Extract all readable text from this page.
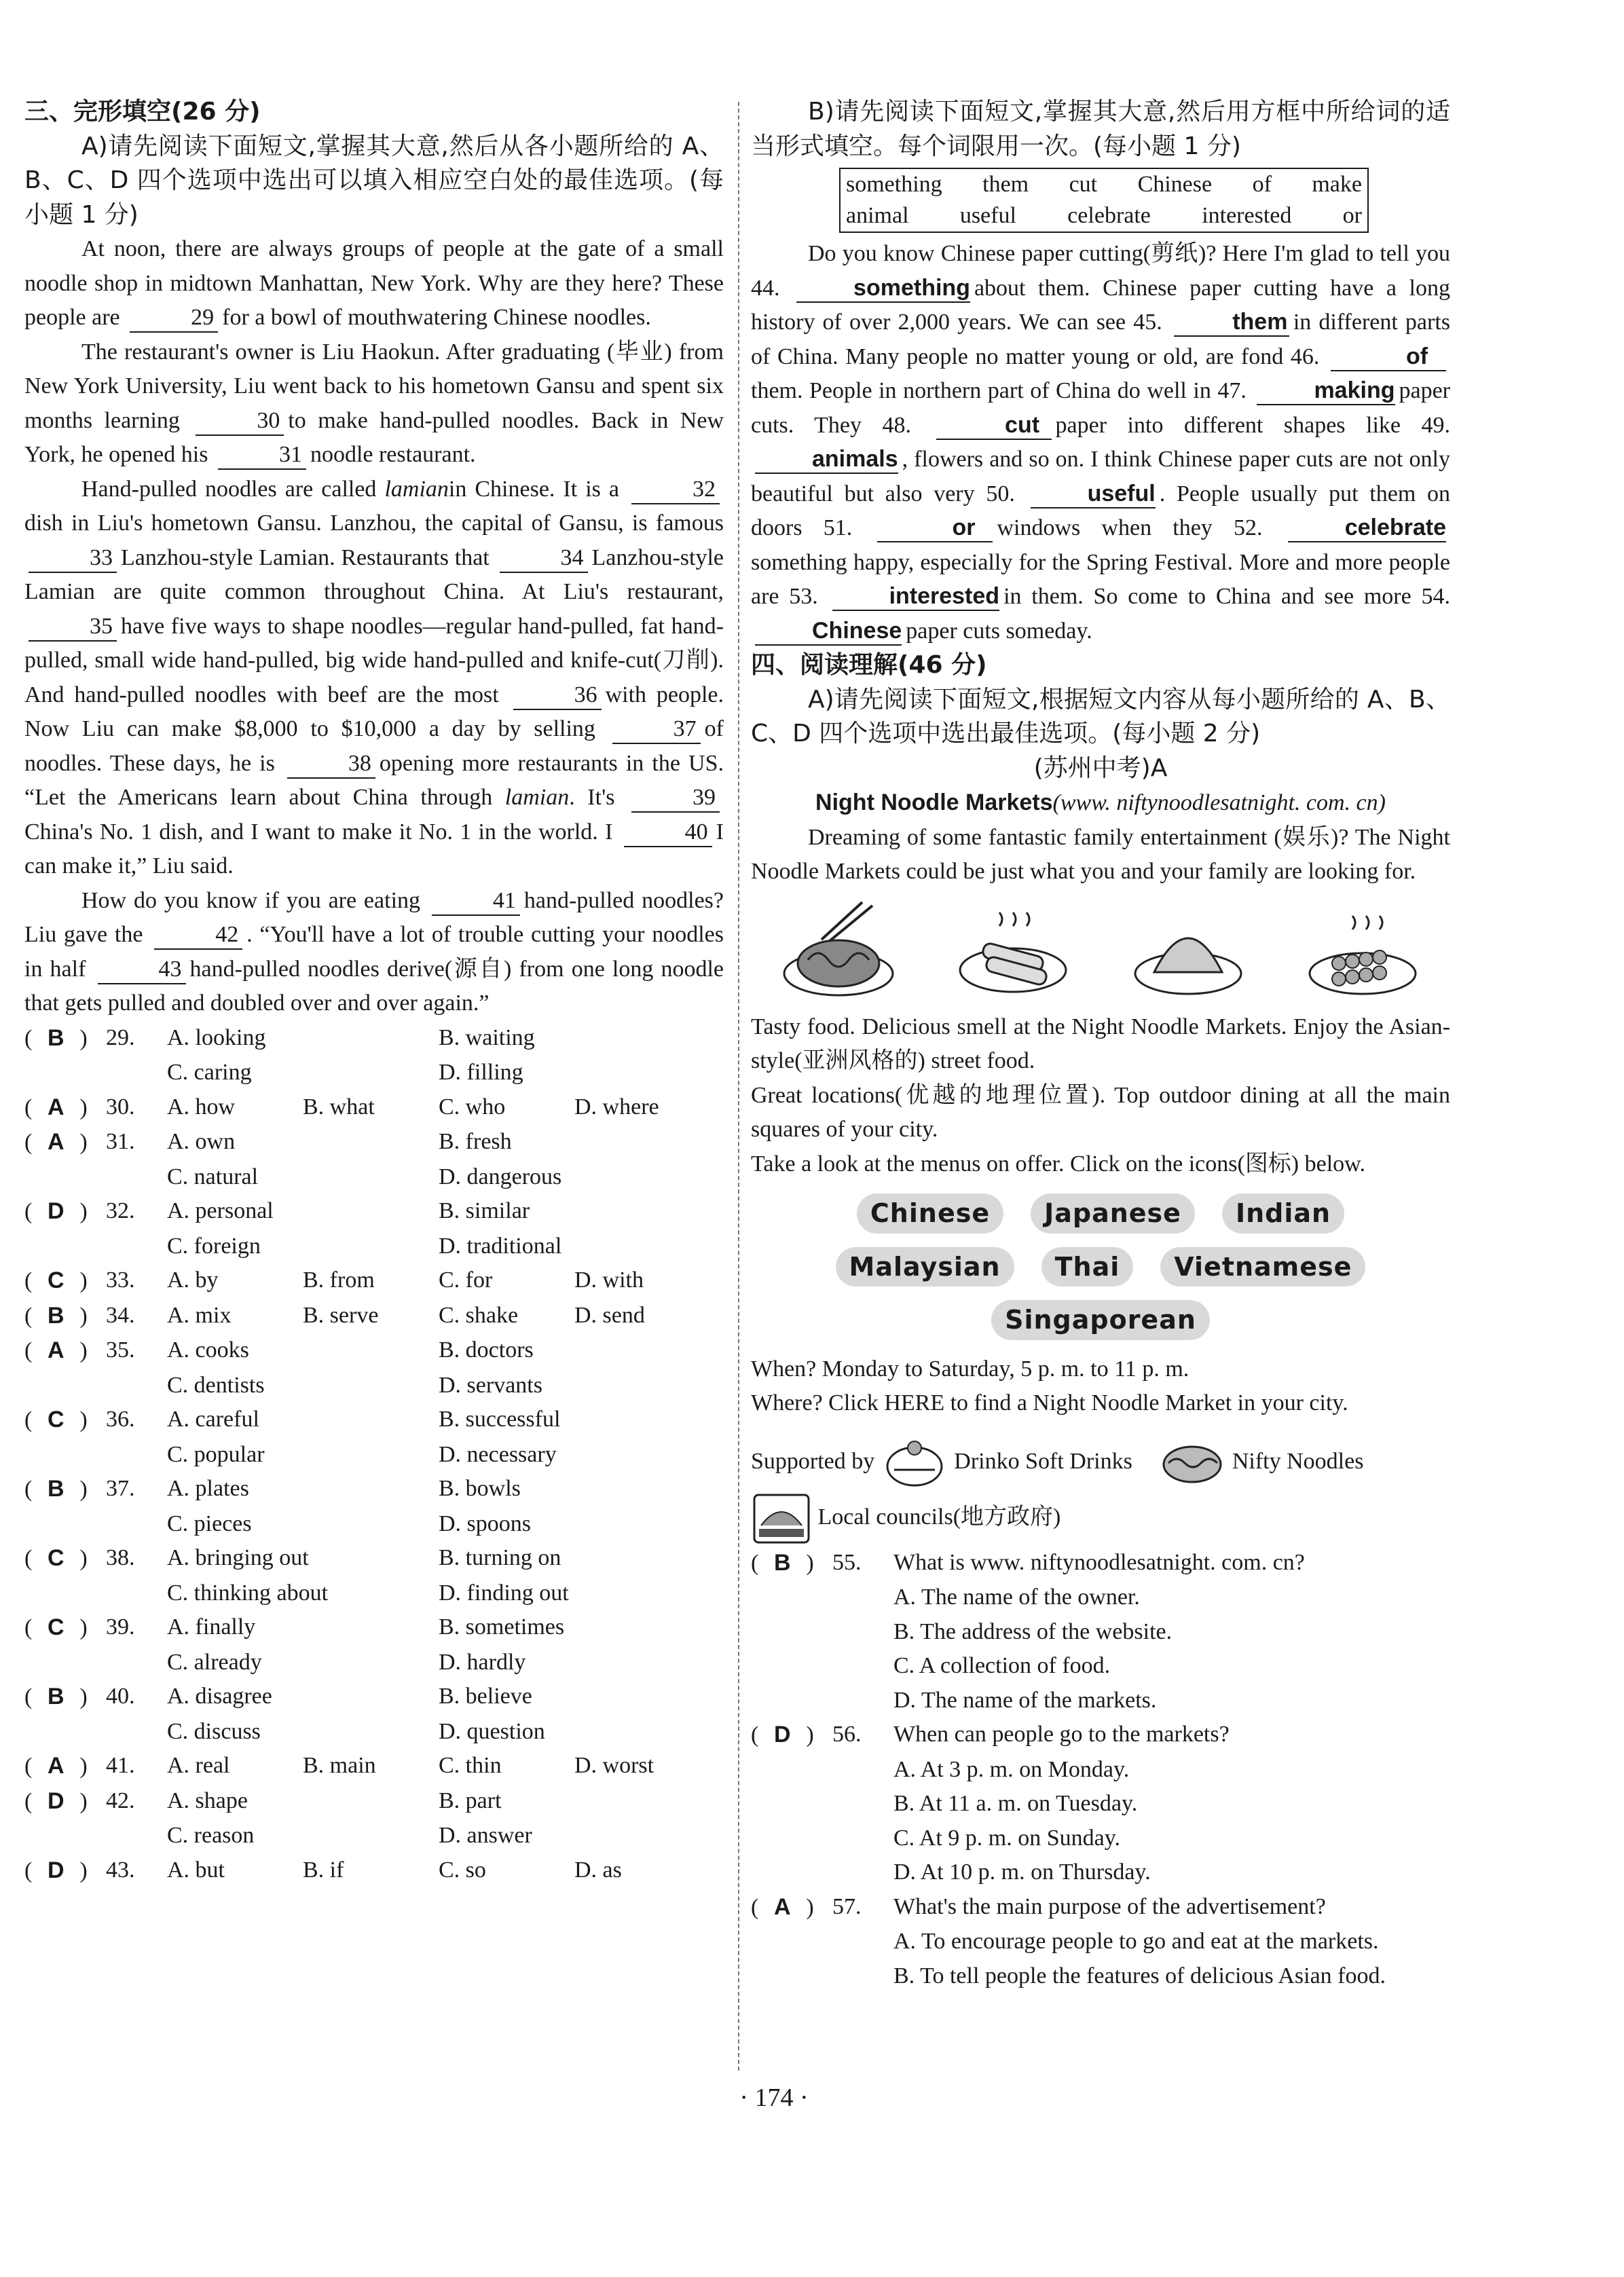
三、完形填空(26 分)

A)请先阅读下面短文,掌握其大意,然后从各小题所给的 A、B、C、D 四个选项中选出可以填入相应空白处的最佳选项。(每小题 1 分)

At noon, there are always groups of people at the gate of a small noodle shop in midtown Manhattan, New York. Why are they here? These people are	29 for a bowl of mouthwatering Chinese noodles.

The restaurant's owner is Liu Haokun. After graduating (毕业) from New York University, Liu went back to his hometown Gansu and spent six months learning	30 to make hand-pulled noodles. Back in New York, he opened his	31 noodle restaurant.

Hand-pulled noodles are called lamianin Chinese. It is a	32dish in Liu's hometown Gansu. Lanzhou, the capital of Gansu, is famous 33 Lanzhou-style Lamian. Restaurants that	34 Lanzhou-style Lamian are quite common throughout China. At Liu's restaurant, 35 have five ways to shape noodles—regular hand-pulled, fat hand-pulled, small wide hand-pulled, big wide hand-pulled and knife-cut(刀削). And hand-pulled noodles with beef are the most	36 with people. Now Liu can make $8,000 to $10,000 a day by selling	37 of noodles. These days, he is	38 opening more restaurants in the US. “Let the Americans learn about China through lamian. It's	39China's No. 1 dish, and I want to make it No. 1 in the world. I	40 I can make it,” Liu said.

How do you know if you are eating	41 hand-pulled noodles? Liu gave the	42 . “You'll have a lot of trouble cutting your noodles in half	43 hand-pulled noodles derive(源自) from one long noodle that gets pulled and doubled over and over again.”

( B ) 29.	A. looking	B. waiting
C. caring	D. filling
( A ) 30.	A. how	B. what	C. who	D. where
( A ) 31.	A. own	B. fresh
C. natural	D. dangerous
( D ) 32.	A. personal	B. similar
C. foreign	D. traditional
( C ) 33.	A. by	B. from	C. for	D. with
( B ) 34.	A. mix	B. serve	C. shake	D. send
( A ) 35.	A. cooks	B. doctors
C. dentists	D. servants
( C ) 36.	A. careful	B. successful
C. popular	D. necessary
( B ) 37.	A. plates	B. bowls
C. pieces	D. spoons
( C ) 38.	A. bringing out	B. turning on
C. thinking about	D. finding out
( C ) 39.	A. finally	B. sometimes
C. already	D. hardly
( B ) 40.	A. disagree	B. believe
C. discuss	D. question
( A ) 41.	A. real	B. main	C. thin	D. worst
( D ) 42.	A. shape	B. part
C. reason	D. answer
( D ) 43.	A. but	B. if	C. so	D. as

B)请先阅读下面短文,掌握其大意,然后用方框中所给词的适当形式填空。每个词限用一次。(每小题 1 分)

something them cut Chinese of make
animal useful celebrate interested or

Do you know Chinese paper cutting(剪纸)? Here I'm glad to tell you 44.	something about them. Chinese paper cutting have a long history of over 2,000 years. We can see 45.	them in different parts of China. Many people no matter young or old, are fond 46.	ofthem. People in northern part of China do well in 47.	making paper cuts. They 48.	cut paper into different shapes like 49. animals , flowers and so on. I think Chinese paper cuts are not only beautiful but also very 50.	useful . People usually put them on doors 51.	or windows when they 52.	celebratesomething happy, especially for the Spring Festival. More and more people are 53.	interested in them. So come to China and see more 54. Chinese paper cuts someday.

四、阅读理解(46 分)

A)请先阅读下面短文,根据短文内容从每小题所给的 A、B、C、D 四个选项中选出最佳选项。(每小题 2 分)

(苏州中考)A

Night Noodle Markets(www. niftynoodlesatnight. com. cn)

Dreaming of some fantastic family entertainment (娱乐)? The Night Noodle Markets could be just what you and your family are looking for.

Tasty food. Delicious smell at the Night Noodle Markets. Enjoy the Asian-style(亚洲风格的) street food.

Great locations(优越的地理位置). Top outdoor dining at all the main squares of your city.

Take a look at the menus on offer. Click on the icons(图标) below.

Chinese	Japanese	Indian
Malaysian	Thai	Vietnamese
Singaporean

When? Monday to Saturday, 5 p. m. to 11 p. m.

Where? Click HERE to find a Night Noodle Market in your city.

Supported by	Drinko Soft Drinks	Nifty Noodles

Local councils(地方政府)

( B ) 55.	What is www. niftynoodlesatnight. com. cn?
A. The name of the owner.
B. The address of the website.
C. A collection of food.
D. The name of the markets.
( D ) 56.	When can people go to the markets?
A. At 3 p. m. on Monday.
B. At 11 a. m. on Tuesday.
C. At 9 p. m. on Sunday.
D. At 10 p. m. on Thursday.
( A ) 57.	What's the main purpose of the advertisement?
A. To encourage people to go and eat at the markets.
B. To tell people the features of delicious Asian food.
· 174 ·
